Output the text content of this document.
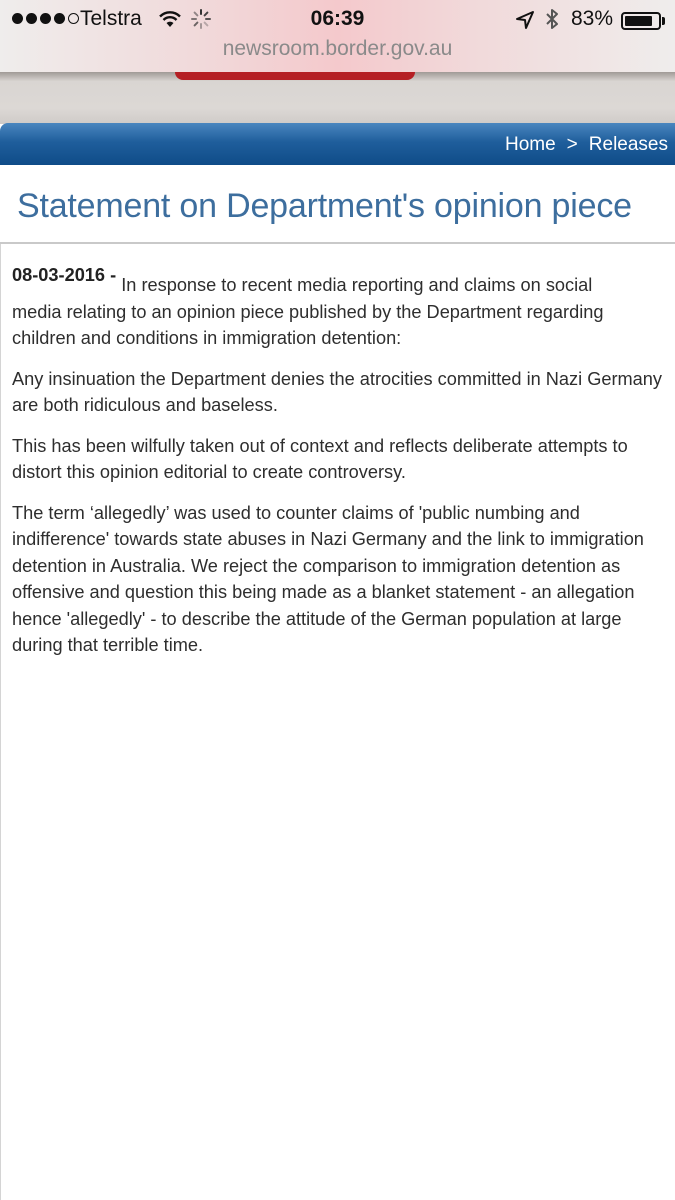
Telstra	06:39	83%
newsroom.border.gov.au
Home > Releases
Statement on Department's opinion piece

08-03-2016 - In response to recent media reporting and claims on social
media relating to an opinion piece published by the Department regarding children and conditions in immigration detention:

Any insinuation the Department denies the atrocities committed in Nazi Germany are both ridiculous and baseless.

This has been wilfully taken out of context and reflects deliberate attempts to distort this opinion editorial to create controversy.

The term ‘allegedly’ was used to counter claims of 'public numbing and indifference' towards state abuses in Nazi Germany and the link to immigration detention in Australia. We reject the comparison to immigration detention as offensive and question this being made as a blanket statement - an allegation hence 'allegedly' - to describe the attitude of the German population at large during that terrible time.
